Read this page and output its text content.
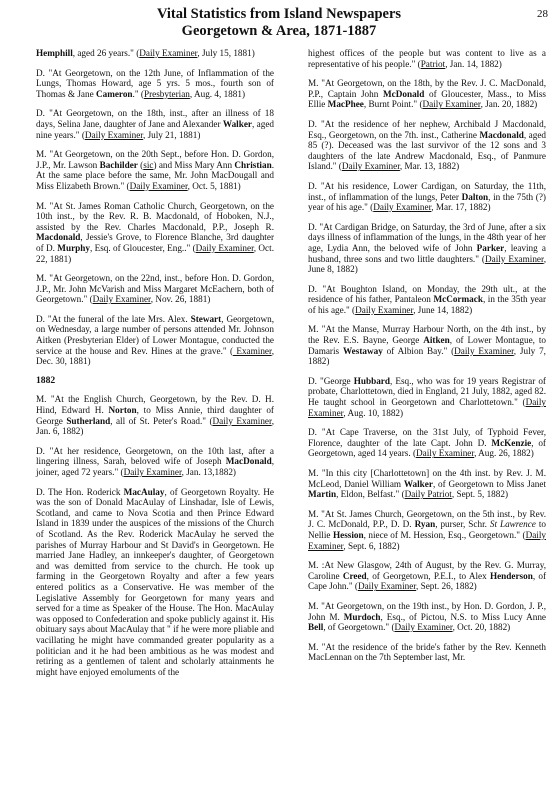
Vital Statistics from Island Newspapers
Georgetown & Area, 1871-1887
28

Hemphill, aged 26 years." (Daily Examiner, July 15, 1881)

D. "At Georgetown, on the 12th June, of Inflammation of the Lungs, Thomas Howard, age 5 yrs. 5 mos., fourth son of Thomas & Jane Cameron." (Presbyterian, Aug. 4, 1881)

D. "At Georgetown, on the 18th, inst., after an illness of 18 days, Selina Jane, daughter of Jane and Alexander Walker, aged nine years." (Daily Examiner, July 21, 1881)

M. "At Georgetown, on the 20th Sept., before Hon. D. Gordon, J.P., Mr. Lawson Bachilder (sic) and Miss Mary Ann Christian. At the same place before the same, Mr. John MacDougall and Miss Elizabeth Brown." (Daily Examiner, Oct. 5, 1881)

M. "At St. James Roman Catholic Church, Georgetown, on the 10th inst., by the Rev. R. B. Macdonald, of Hoboken, N.J., assisted by the Rev. Charles Macdonald, P.P., Joseph R. Macdonald, Jessie's Grove, to Florence Blanche, 3rd daughter of D. Murphy, Esq. of Gloucester, Eng.." (Daily Examiner, Oct. 22, 1881)

M. "At Georgetown, on the 22nd, inst., before Hon. D. Gordon, J.P., Mr. John McVarish and Miss Margaret McEachern, both of Georgetown." (Daily Examiner, Nov. 26, 1881)

D. "At the funeral of the late Mrs. Alex. Stewart, Georgetown, on Wednesday, a large number of persons attended Mr. Johnson Aitken (Presbyterian Elder) of Lower Montague, conducted the service at the house and Rev. Hines at the grave." ( Examiner, Dec. 30, 1881)

1882

M. "At the English Church, Georgetown, by the Rev. D. H. Hind, Edward H. Norton, to Miss Annie, third daughter of George Sutherland, all of St. Peter's Road." (Daily Examiner, Jan. 6, 1882)

D. "At her residence, Georgetown, on the 10th last, after a lingering illness, Sarah, beloved wife of Joseph MacDonald, joiner, aged 72 years." (Daily Examiner, Jan. 13,1882)

D. The Hon. Roderick MacAulay, of Georgetown Royalty. He was the son of Donald MacAulay of Linshadar, Isle of Lewis, Scotland, and came to Nova Scotia and then Prince Edward Island in 1839 under the auspices of the missions of the Church of Scotland. As the Rev. Roderick MacAulay he served the parishes of Murray Harbour and St David's in Georgetown. He married Jane Hadley, an innkeeper's daughter, of Georgetown and was demitted from service to the church. He took up farming in the Georgetown Royalty and after a few years entered politics as a Conservative. He was member of the Legislative Assembly for Georgetown for many years and served for a time as Speaker of the House. The Hon. MacAulay was opposed to Confederation and spoke publicly against it. His obituary says about MacAulay that " if he were more pliable and vacillating he might have commanded greater popularity as a politician and it he had been ambitious as he was modest and retiring as a gentlemen of talent and scholarly attainments he might have enjoyed emoluments of the

highest offices of the people but was content to live as a representative of his people." (Patriot, Jan. 14, 1882)

M. "At Georgetown, on the 18th, by the Rev. J. C. MacDonald, P.P., Captain John McDonald of Gloucester, Mass., to Miss Ellie MacPhee, Burnt Point." (Daily Examiner, Jan. 20, 1882)

D. "At the residence of her nephew, Archibald J Macdonald, Esq., Georgetown, on the 7th. inst., Catherine Macdonald, aged 85 (?). Deceased was the last survivor of the 12 sons and 3 daughters of the late Andrew Macdonald, Esq., of Panmure Island." (Daily Examiner, Mar. 13, 1882)

D. "At his residence, Lower Cardigan, on Saturday, the 11th, inst., of inflammation of the lungs, Peter Dalton, in the 75th (?) year of his age." (Daily Examiner, Mar. 17, 1882)

D. "At Cardigan Bridge, on Saturday, the 3rd of June, after a six days illness of inflammation of the lungs, in the 48th year of her age, Lydia Ann, the beloved wife of John Parker, leaving a husband, three sons and two little daughters." (Daily Examiner, June 8, 1882)

D. "At Boughton Island, on Monday, the 29th ult., at the residence of his father, Pantaleon McCormack, in the 35th year of his age." (Daily Examiner, June 14, 1882)

M. "At the Manse, Murray Harbour North, on the 4th inst., by the Rev. E.S. Bayne, George Aitken, of Lower Montague, to Damaris Westaway of Albion Bay." (Daily Examiner, July 7, 1882)

D. "George Hubbard, Esq., who was for 19 years Registrar of probate, Charlottetown, died in England, 21 July, 1882, aged 82. He taught school in Georgetown and Charlottetown." (Daily Examiner, Aug. 10, 1882)

D. "At Cape Traverse, on the 31st July, of Typhoid Fever, Florence, daughter of the late Capt. John D. McKenzie, of Georgetown, aged 14 years. (Daily Examiner, Aug. 26, 1882)

M. "In this city [Charlottetown] on the 4th inst. by Rev. J. M. McLeod, Daniel William Walker, of Georgetown to Miss Janet Martin, Eldon, Belfast." (Daily Patriot, Sept. 5, 1882)

M. "At St. James Church, Georgetown, on the 5th inst., by Rev. J. C. McDonald, P.P., D. D. Ryan, purser, Schr. St Lawrence to Nellie Hession, niece of M. Hession, Esq., Georgetown." (Daily Examiner, Sept. 6, 1882)

M. :At New Glasgow, 24th of August, by the Rev. G. Murray, Caroline Creed, of Georgetown, P.E.I., to Alex Henderson, of Cape John." (Daily Examiner, Sept. 26, 1882)

M. "At Georgetown, on the 19th inst., by Hon. D. Gordon, J. P., John M. Murdoch, Esq., of Pictou, N.S. to Miss Lucy Anne Bell, of Georgetown." (Daily Examiner, Oct. 20, 1882)

M. "At the residence of the bride's father by the Rev. Kenneth MacLennan on the 7th September last, Mr.
